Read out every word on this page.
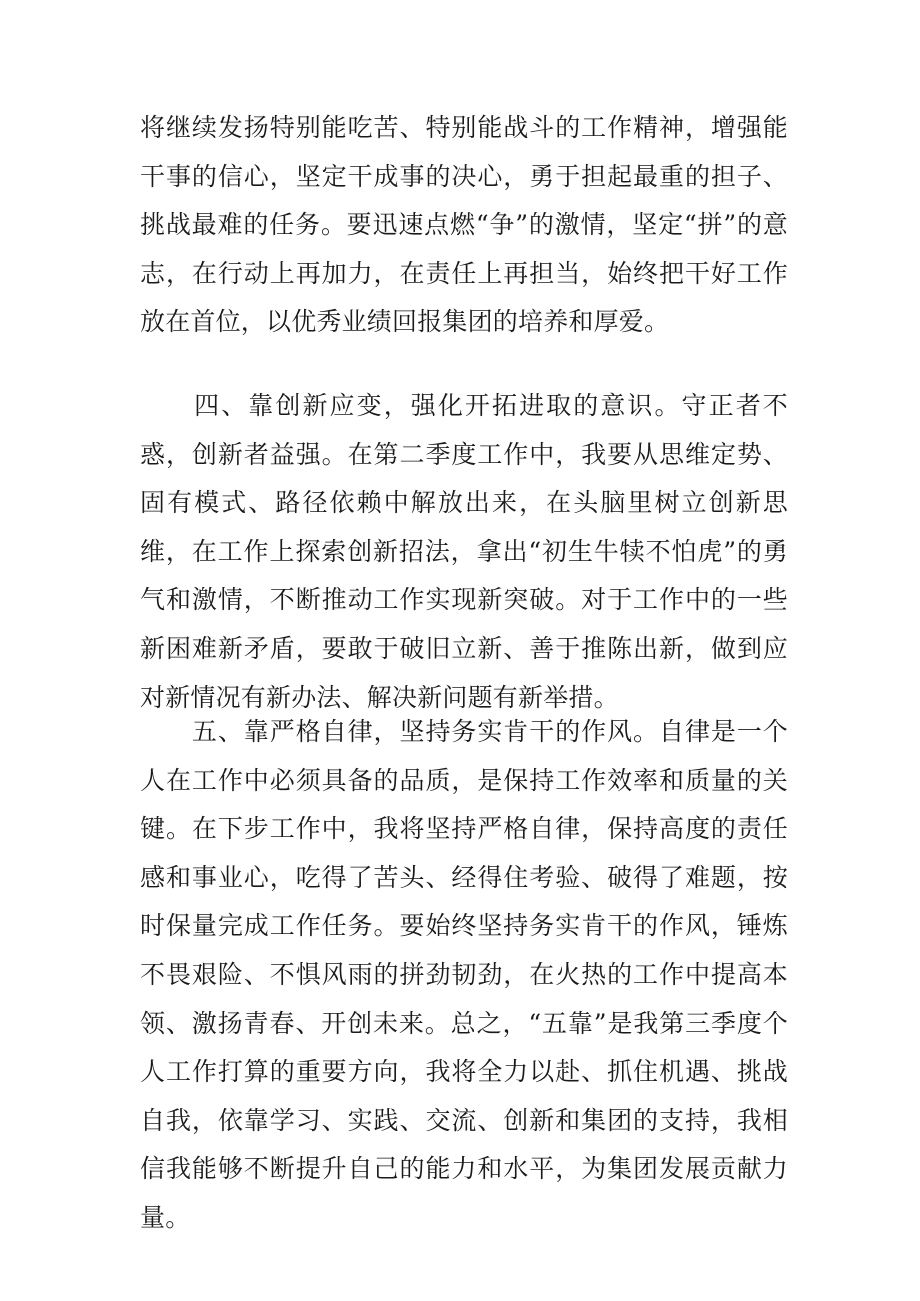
将继续发扬特别能吃苦、特别能战斗的工作精神，增强能干事的信心，坚定干成事的决心，勇于担起最重的担子、挑战最难的任务。要迅速点燃“争”的激情，坚定“拼”的意志，在行动上再加力，在责任上再担当，始终把干好工作放在首位，以优秀业绩回报集团的培养和厚爱。

　　四、靠创新应变，强化开拓进取的意识。守正者不惑，创新者益强。在第二季度工作中，我要从思维定势、固有模式、路径依赖中解放出来，在头脑里树立创新思维，在工作上探索创新招法，拿出“初生牛犊不怕虎”的勇气和激情，不断推动工作实现新突破。对于工作中的一些新困难新矛盾，要敢于破旧立新、善于推陈出新，做到应对新情况有新办法、解决新问题有新举措。

　　五、靠严格自律，坚持务实肯干的作风。自律是一个人在工作中必须具备的品质，是保持工作效率和质量的关键。在下步工作中，我将坚持严格自律，保持高度的责任感和事业心，吃得了苦头、经得住考验、破得了难题，按时保量完成工作任务。要始终坚持务实肯干的作风，锤炼不畏艰险、不惧风雨的拼劲韧劲，在火热的工作中提高本领、激扬青春、开创未来。总之，“五靠”是我第三季度个人工作打算的重要方向，我将全力以赴、抓住机遇、挑战自我，依靠学习、实践、交流、创新和集团的支持，我相信我能够不断提升自己的能力和水平，为集团发展贡献力量。
